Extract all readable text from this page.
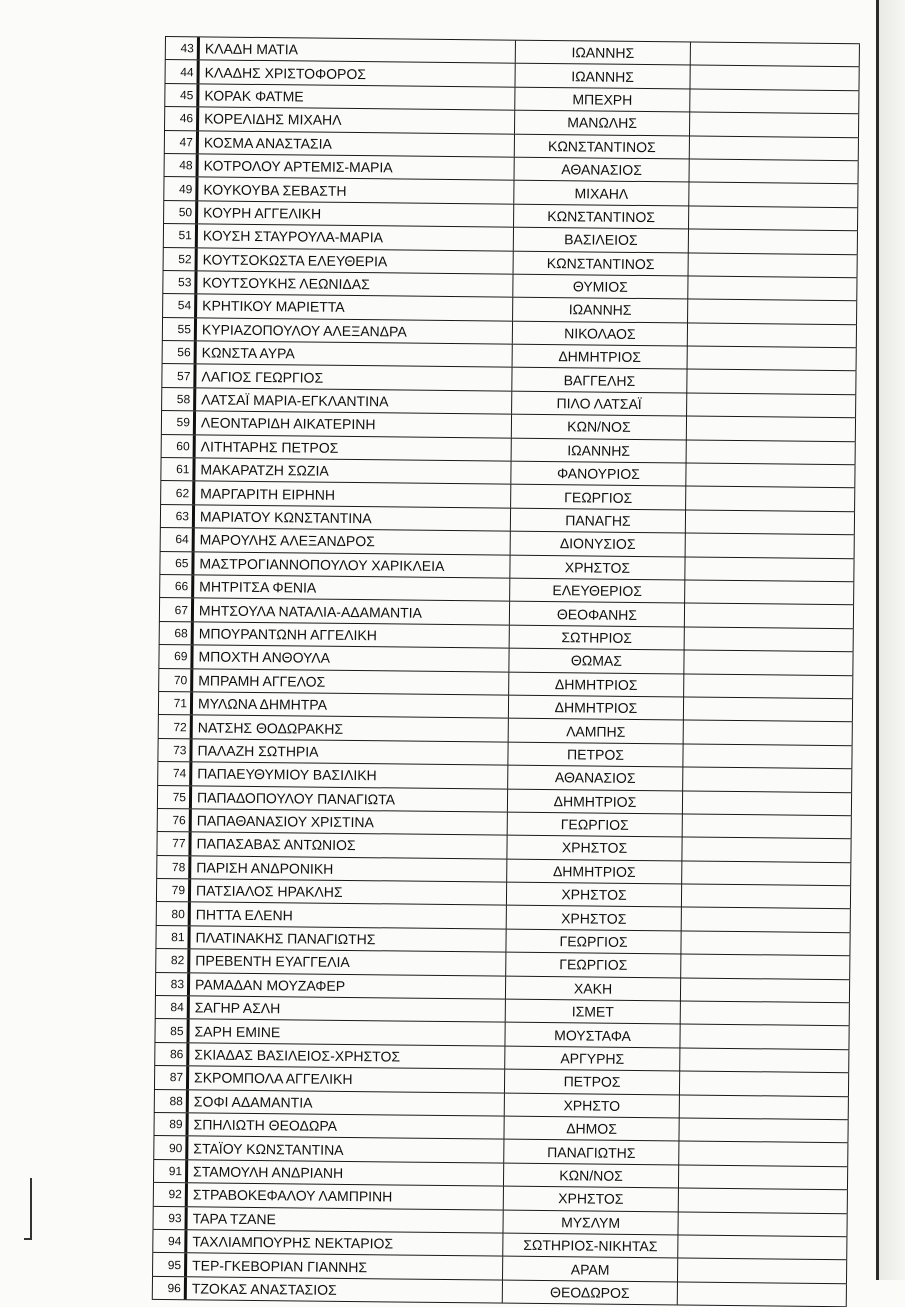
43 ΚΛΑΔΗ ΜΑΤΙΑ	ΙΩΑΝΝΗΣ
44 ΚΛΑΔΗΣ ΧΡΙΣΤΟΦΟΡΟΣ	ΙΩΑΝΝΗΣ
45 ΚΟΡΑΚ ΦΑΤΜΕ	ΜΠΕΧΡΗ
46 ΚΟΡΕΛΙΔΗΣ ΜΙΧΑΗΛ	ΜΑΝΩΛΗΣ
47 ΚΟΣΜΑ ΑΝΑΣΤΑΣΙΑ	ΚΩΝΣΤΑΝΤΙΝΟΣ
48 ΚΟΤΡΟΛΟΥ ΑΡΤΕΜΙΣ-ΜΑΡΙΑ	ΑΘΑΝΑΣΙΟΣ
49 ΚΟΥΚΟΥΒΑ ΣΕΒΑΣΤΗ	ΜΙΧΑΗΛ
50 ΚΟΥΡΗ ΑΓΓΕΛΙΚΗ	ΚΩΝΣΤΑΝΤΙΝΟΣ
51 ΚΟΥΣΗ ΣΤΑΥΡΟΥΛΑ-ΜΑΡΙΑ	ΒΑΣΙΛΕΙΟΣ
52 ΚΟΥΤΣΟΚΩΣΤΑ ΕΛΕΥΘΕΡΙΑ	ΚΩΝΣΤΑΝΤΙΝΟΣ
53 ΚΟΥΤΣΟΥΚΗΣ ΛΕΩΝΙΔΑΣ	ΘΥΜΙΟΣ
54 ΚΡΗΤΙΚΟΥ ΜΑΡΙΕΤΤΑ	ΙΩΑΝΝΗΣ
55 ΚΥΡΙΑΖΟΠΟΥΛΟΥ ΑΛΕΞΑΝΔΡΑ	ΝΙΚΟΛΑΟΣ
56 ΚΩΝΣΤΑ ΑΥΡΑ	ΔΗΜΗΤΡΙΟΣ
57 ΛΑΓΙΟΣ ΓΕΩΡΓΙΟΣ	ΒΑΓΓΕΛΗΣ
58 ΛΑΤΣΑΪ ΜΑΡΙΑ-ΕΓΚΛΑΝΤΙΝΑ	ΠΙΛΟ ΛΑΤΣΑΪ
59 ΛΕΟΝΤΑΡΙΔΗ ΑΙΚΑΤΕΡΙΝΗ	ΚΩΝ/ΝΟΣ
60 ΛΙΤΗΤΑΡΗΣ ΠΕΤΡΟΣ	ΙΩΑΝΝΗΣ
61 ΜΑΚΑΡΑΤΖΗ ΣΩΖΙΑ	ΦΑΝΟΥΡΙΟΣ
62 ΜΑΡΓΑΡΙΤΗ ΕΙΡΗΝΗ	ΓΕΩΡΓΙΟΣ
63 ΜΑΡΙΑΤΟΥ ΚΩΝΣΤΑΝΤΙΝΑ	ΠΑΝΑΓΗΣ
64 ΜΑΡΟΥΛΗΣ ΑΛΕΞΑΝΔΡΟΣ	ΔΙΟΝΥΣΙΟΣ
65 ΜΑΣΤΡΟΓΙΑΝΝΟΠΟΥΛΟΥ ΧΑΡΙΚΛΕΙΑ	ΧΡΗΣΤΟΣ
66 ΜΗΤΡΙΤΣΑ ΦΕΝΙΑ	ΕΛΕΥΘΕΡΙΟΣ
67 ΜΗΤΣΟΥΛΑ ΝΑΤΑΛΙΑ-ΑΔΑΜΑΝΤΙΑ	ΘΕΟΦΑΝΗΣ
68 ΜΠΟΥΡΑΝΤΩΝΗ ΑΓΓΕΛΙΚΗ	ΣΩΤΗΡΙΟΣ
69 ΜΠΟΧΤΗ ΑΝΘΟΥΛΑ	ΘΩΜΑΣ
70 ΜΠΡΑΜΗ ΑΓΓΕΛΟΣ	ΔΗΜΗΤΡΙΟΣ
71 ΜΥΛΩΝΑ ΔΗΜΗΤΡΑ	ΔΗΜΗΤΡΙΟΣ
72 ΝΑΤΣΗΣ ΘΟΔΩΡΑΚΗΣ	ΛΑΜΠΗΣ
73 ΠΑΛΑΖΗ ΣΩΤΗΡΙΑ	ΠΕΤΡΟΣ
74 ΠΑΠΑΕΥΘΥΜΙΟΥ ΒΑΣΙΛΙΚΗ	ΑΘΑΝΑΣΙΟΣ
75 ΠΑΠΑΔΟΠΟΥΛΟΥ ΠΑΝΑΓΙΩΤΑ	ΔΗΜΗΤΡΙΟΣ
76 ΠΑΠΑΘΑΝΑΣΙΟΥ ΧΡΙΣΤΙΝΑ	ΓΕΩΡΓΙΟΣ
77 ΠΑΠΑΣΑΒΑΣ ΑΝΤΩΝΙΟΣ	ΧΡΗΣΤΟΣ
78 ΠΑΡΙΣΗ ΑΝΔΡΟΝΙΚΗ	ΔΗΜΗΤΡΙΟΣ
79 ΠΑΤΣΙΑΛΟΣ ΗΡΑΚΛΗΣ	ΧΡΗΣΤΟΣ
80 ΠΗΤΤΑ ΕΛΕΝΗ	ΧΡΗΣΤΟΣ
81 ΠΛΑΤΙΝΑΚΗΣ ΠΑΝΑΓΙΩΤΗΣ	ΓΕΩΡΓΙΟΣ
82 ΠΡΕΒΕΝΤΗ ΕΥΑΓΓΕΛΙΑ	ΓΕΩΡΓΙΟΣ
83 ΡΑΜΑΔΑΝ ΜΟΥΖΑΦΕΡ	ΧΑΚΗ
84 ΣΑΓΗΡ ΑΣΛΗ	ΙΣΜΕΤ
85 ΣΑΡΗ ΕΜΙΝΕ	ΜΟΥΣΤΑΦΑ
86 ΣΚΙΑΔΑΣ ΒΑΣΙΛΕΙΟΣ-ΧΡΗΣΤΟΣ	ΑΡΓΥΡΗΣ
87 ΣΚΡΟΜΠΟΛΑ ΑΓΓΕΛΙΚΗ	ΠΕΤΡΟΣ
88 ΣΟΦΙ ΑΔΑΜΑΝΤΙΑ	ΧΡΗΣΤΟ
89 ΣΠΗΛΙΩΤΗ ΘΕΟΔΩΡΑ	ΔΗΜΟΣ
90 ΣΤΑΪΟΥ ΚΩΝΣΤΑΝΤΙΝΑ	ΠΑΝΑΓΙΩΤΗΣ
91 ΣΤΑΜΟΥΛΗ ΑΝΔΡΙΑΝΗ	ΚΩΝ/ΝΟΣ
92 ΣΤΡΑΒΟΚΕΦΑΛΟΥ ΛΑΜΠΡΙΝΗ	ΧΡΗΣΤΟΣ
93 ΤΑΡΑ ΤΖΑΝΕ	ΜΥΣΛΥΜ
94 ΤΑΧΛΙΑΜΠΟΥΡΗΣ ΝΕΚΤΑΡΙΟΣ	ΣΩΤΗΡΙΟΣ-ΝΙΚΗΤΑΣ
95 ΤΕΡ-ΓΚΕΒΟΡΙΑΝ ΓΙΑΝΝΗΣ	ΑΡΑΜ
96 ΤΖΟΚΑΣ ΑΝΑΣΤΑΣΙΟΣ	ΘΕΟΔΩΡΟΣ
